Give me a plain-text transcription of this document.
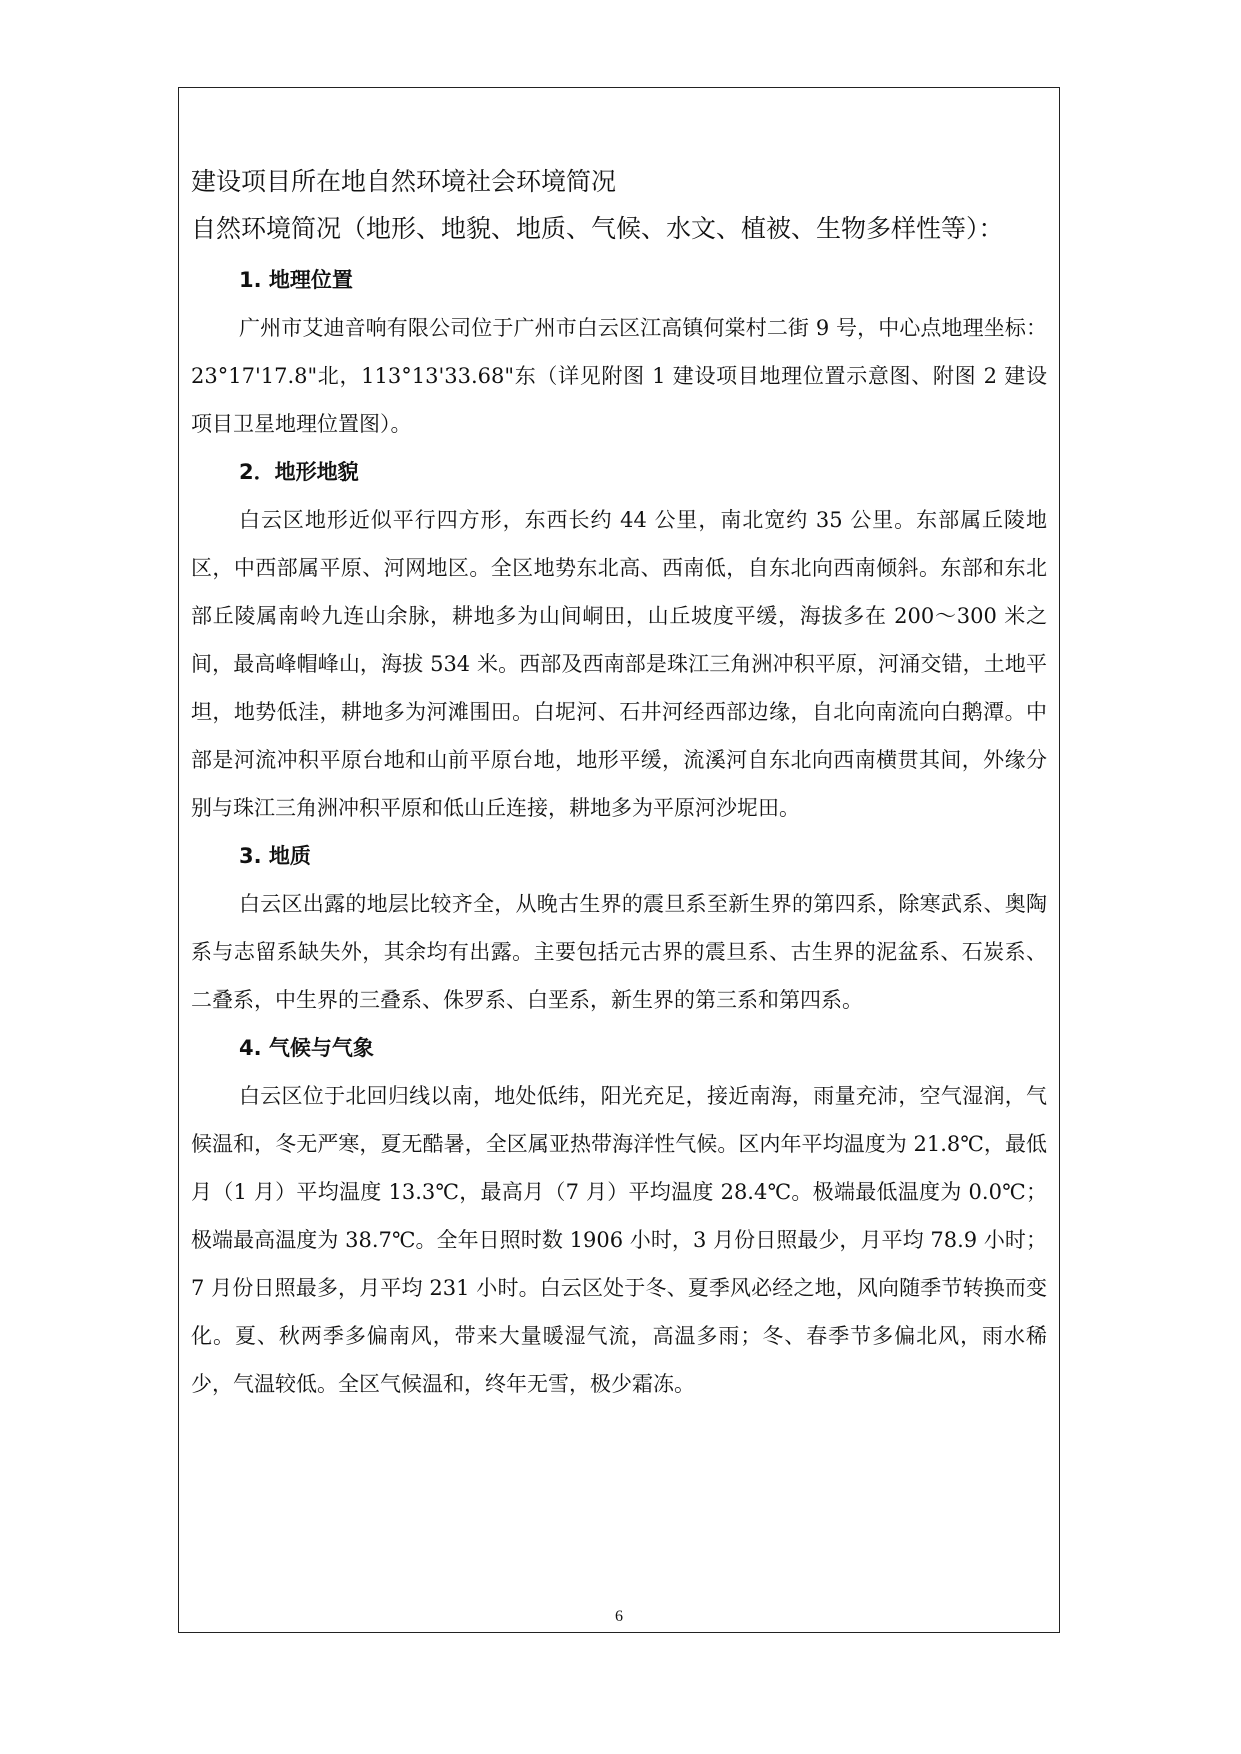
建设项目所在地自然环境社会环境简况
自然环境简况（地形、地貌、地质、气候、水文、植被、生物多样性等）：
1. 地理位置

广州市艾迪音响有限公司位于广州市白云区江高镇何棠村二街 9 号，中心点地理坐标： 23°17'17.8"北，113°13'33.68"东（详见附图 1 建设项目地理位置示意图、附图 2 建设项目卫星地理位置图）。

2．地形地貌

白云区地形近似平行四方形，东西长约 44 公里，南北宽约 35 公里。东部属丘陵地区，中西部属平原、河网地区。全区地势东北高、西南低，自东北向西南倾斜。东部和东北部丘陵属南岭九连山余脉，耕地多为山间峒田，山丘坡度平缓，海拔多在 200～300 米之间，最高峰帽峰山，海拔 534 米。西部及西南部是珠江三角洲冲积平原，河涌交错，土地平坦，地势低洼，耕地多为河滩围田。白坭河、石井河经西部边缘，自北向南流向白鹅潭。中部是河流冲积平原台地和山前平原台地，地形平缓，流溪河自东北向西南横贯其间，外缘分别与珠江三角洲冲积平原和低山丘连接，耕地多为平原河沙坭田。

3. 地质

白云区出露的地层比较齐全，从晚古生界的震旦系至新生界的第四系，除寒武系、奥陶系与志留系缺失外，其余均有出露。主要包括元古界的震旦系、古生界的泥盆系、石炭系、二叠系，中生界的三叠系、侏罗系、白垩系，新生界的第三系和第四系。

4. 气候与气象

白云区位于北回归线以南，地处低纬，阳光充足，接近南海，雨量充沛，空气湿润，气候温和，冬无严寒，夏无酷暑，全区属亚热带海洋性气候。区内年平均温度为 21.8℃，最低月（1 月）平均温度 13.3℃，最高月（7 月）平均温度 28.4℃。极端最低温度为 0.0℃；极端最高温度为 38.7℃。全年日照时数 1906 小时，3 月份日照最少，月平均 78.9 小时；7 月份日照最多，月平均 231 小时。白云区处于冬、夏季风必经之地，风向随季节转换而变化。夏、秋两季多偏南风，带来大量暖湿气流，高温多雨；冬、春季节多偏北风，雨水稀少，气温较低。全区气候温和，终年无雪，极少霜冻。

6
